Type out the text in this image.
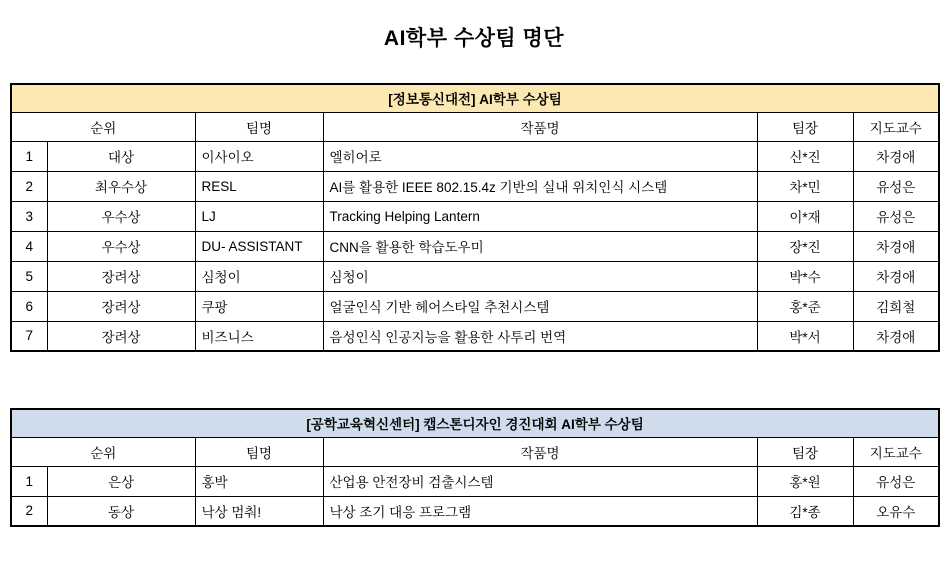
AI학부 수상팀 명단
[정보통신대전] AI학부 수상팀					
순위		팀명	작품명	팀장	지도교수
1	대상	이사이오	엘히어로	신*진	차경애
2	최우수상	RESL	AI를 활용한 IEEE 802.15.4z 기반의 실내 위치인식 시스템	차*민	유성은
3	우수상	LJ	Tracking Helping Lantern	이*재	유성은
4	우수상	DU- ASSISTANT	CNN을 활용한 학습도우미	장*진	차경애
5	장려상	심청이	심청이	박*수	차경애
6	장려상	쿠팡	얼굴인식 기반 헤어스타일 추천시스템	홍*준	김희철
7	장려상	비즈니스	음성인식 인공지능을 활용한 사투리 번역	박*서	차경애
[공학교육혁신센터] 캡스톤디자인 경진대회 AI학부 수상팀					
순위		팀명	작품명	팀장	지도교수
1	은상	홍박	산업용 안전장비 검출시스템	홍*원	유성은
2	동상	낙상 멈춰!	낙상 조기 대응 프로그램	김*종	오유수
